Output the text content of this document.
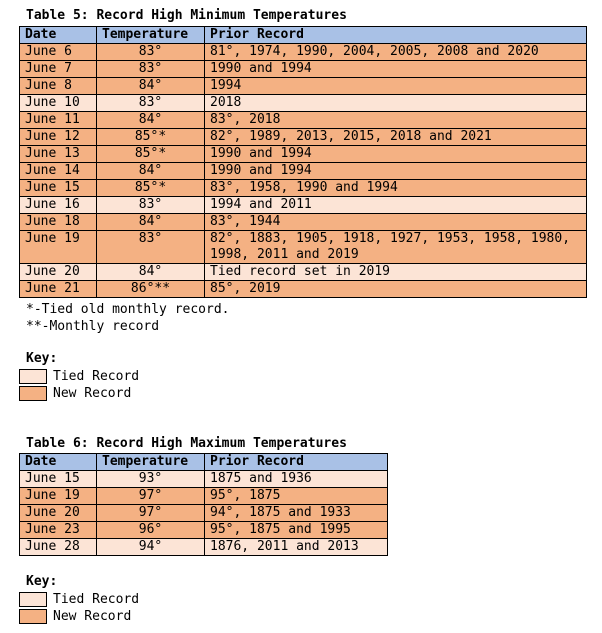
Table 5: Record High Minimum Temperatures
Date	Temperature	Prior Record
June 6	83°	81°, 1974, 1990, 2004, 2005, 2008 and 2020
June 7	83°	1990 and 1994
June 8	84°	1994
June 10	83°	2018
June 11	84°	83°, 2018
June 12	85°*	82°, 1989, 2013, 2015, 2018 and 2021
June 13	85°*	1990 and 1994
June 14	84°	1990 and 1994
June 15	85°*	83°, 1958, 1990 and 1994
June 16	83°	1994 and 2011
June 18	84°	83°, 1944
June 19	83°	82°, 1883, 1905, 1918, 1927, 1953, 1958, 1980, 1998, 2011 and 2019
June 20	84°	Tied record set in 2019
June 21	86°**	85°, 2019
*-Tied old monthly record.
**-Monthly record
Key:
Tied Record
New Record
Table 6: Record High Maximum Temperatures
Date	Temperature	Prior Record
June 15	93°	1875 and 1936
June 19	97°	95°, 1875
June 20	97°	94°, 1875 and 1933
June 23	96°	95°, 1875 and 1995
June 28	94°	1876, 2011 and 2013
Key:
Tied Record
New Record
